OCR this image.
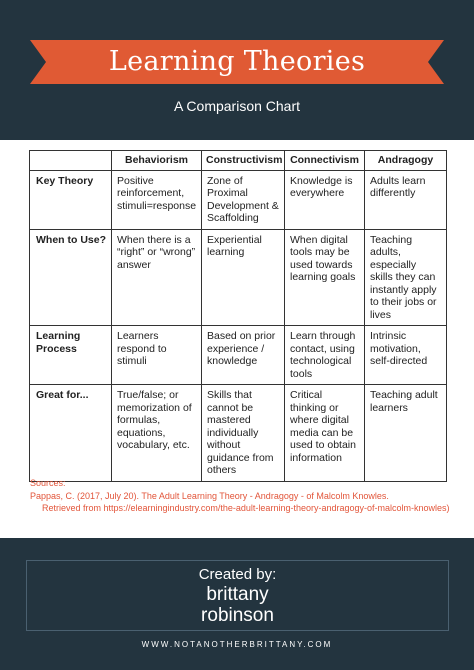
Learning Theories
A Comparison Chart
	Behaviorism	Constructivism	Connectivism	Andragogy
Key Theory	Positive reinforcement, stimuli=response	Zone of Proximal Development & Scaffolding	Knowledge is everywhere	Adults learn differently
When to Use?	When there is a “right” or “wrong” answer	Experiential learning	When digital tools may be used towards learning goals	Teaching adults, especially skills they can instantly apply to their jobs or lives
Learning Process	Learners respond to stimuli	Based on prior experience / knowledge	Learn through contact, using technological tools	Intrinsic motivation, self-directed
Great for...	True/false; or memorization of formulas, equations, vocabulary, etc.	Skills that cannot be mastered individually without guidance from others	Critical thinking or where digital media can be used to obtain information	Teaching adult learners
Sources:
Pappas, C. (2017, July 20). The Adult Learning Theory - Andragogy - of Malcolm Knowles.
Retrieved from https://elearningindustry.com/the-adult-learning-theory-andragogy-of-malcolm-knowles)
Created by:
brittany
robinson
WWW.NOTANOTHERBRITTANY.COM
